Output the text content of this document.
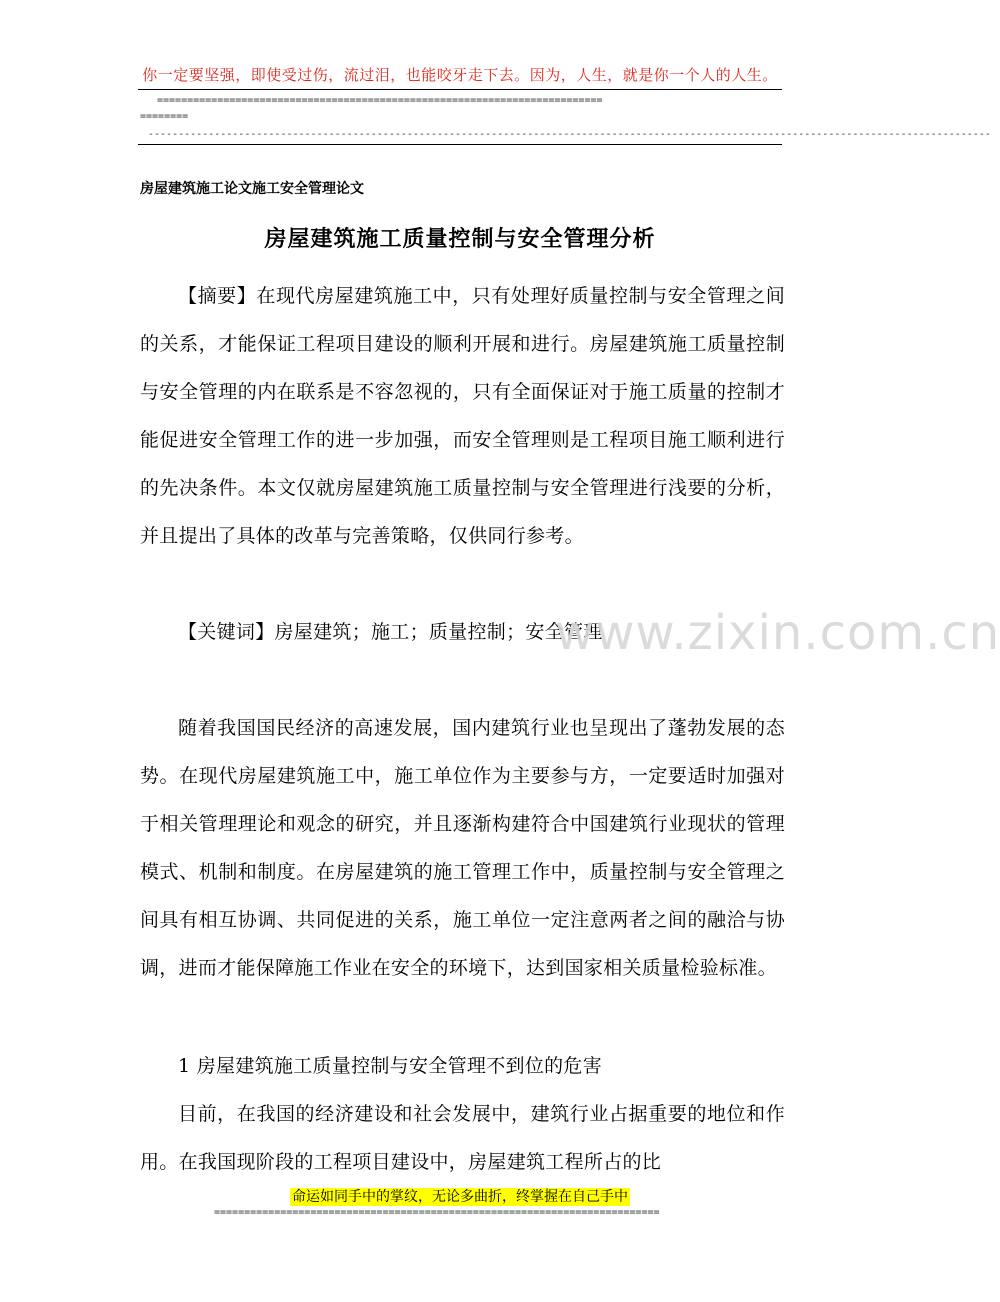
你一定要坚强，即使受过伤，流过泪，也能咬牙走下去。因为，人生，就是你一个人的人生。
==========================================================================
========
--------------------------------------------------------------------------------------------------------------------------------------------
房屋建筑施工论文施工安全管理论文
房屋建筑施工质量控制与安全管理分析
【摘要】在现代房屋建筑施工中，只有处理好质量控制与安全管理之间的关系，才能保证工程项目建设的顺利开展和进行。房屋建筑施工质量控制与安全管理的内在联系是不容忽视的，只有全面保证对于施工质量的控制才能促进安全管理工作的进一步加强，而安全管理则是工程项目施工顺利进行的先决条件。本文仅就房屋建筑施工质量控制与安全管理进行浅要的分析，并且提出了具体的改革与完善策略，仅供同行参考。
【关键词】房屋建筑；施工；质量控制；安全管理
www.zixin.com.cn
随着我国国民经济的高速发展，国内建筑行业也呈现出了蓬勃发展的态势。在现代房屋建筑施工中，施工单位作为主要参与方，一定要适时加强对于相关管理理论和观念的研究，并且逐渐构建符合中国建筑行业现状的管理模式、机制和制度。在房屋建筑的施工管理工作中，质量控制与安全管理之间具有相互协调、共同促进的关系，施工单位一定注意两者之间的融洽与协调，进而才能保障施工作业在安全的环境下，达到国家相关质量检验标准。
1 房屋建筑施工质量控制与安全管理不到位的危害
目前，在我国的经济建设和社会发展中，建筑行业占据重要的地位和作用。在我国现阶段的工程项目建设中，房屋建筑工程所占的比
命运如同手中的掌纹，无论多曲折，终掌握在自己手中
==========================================================================
